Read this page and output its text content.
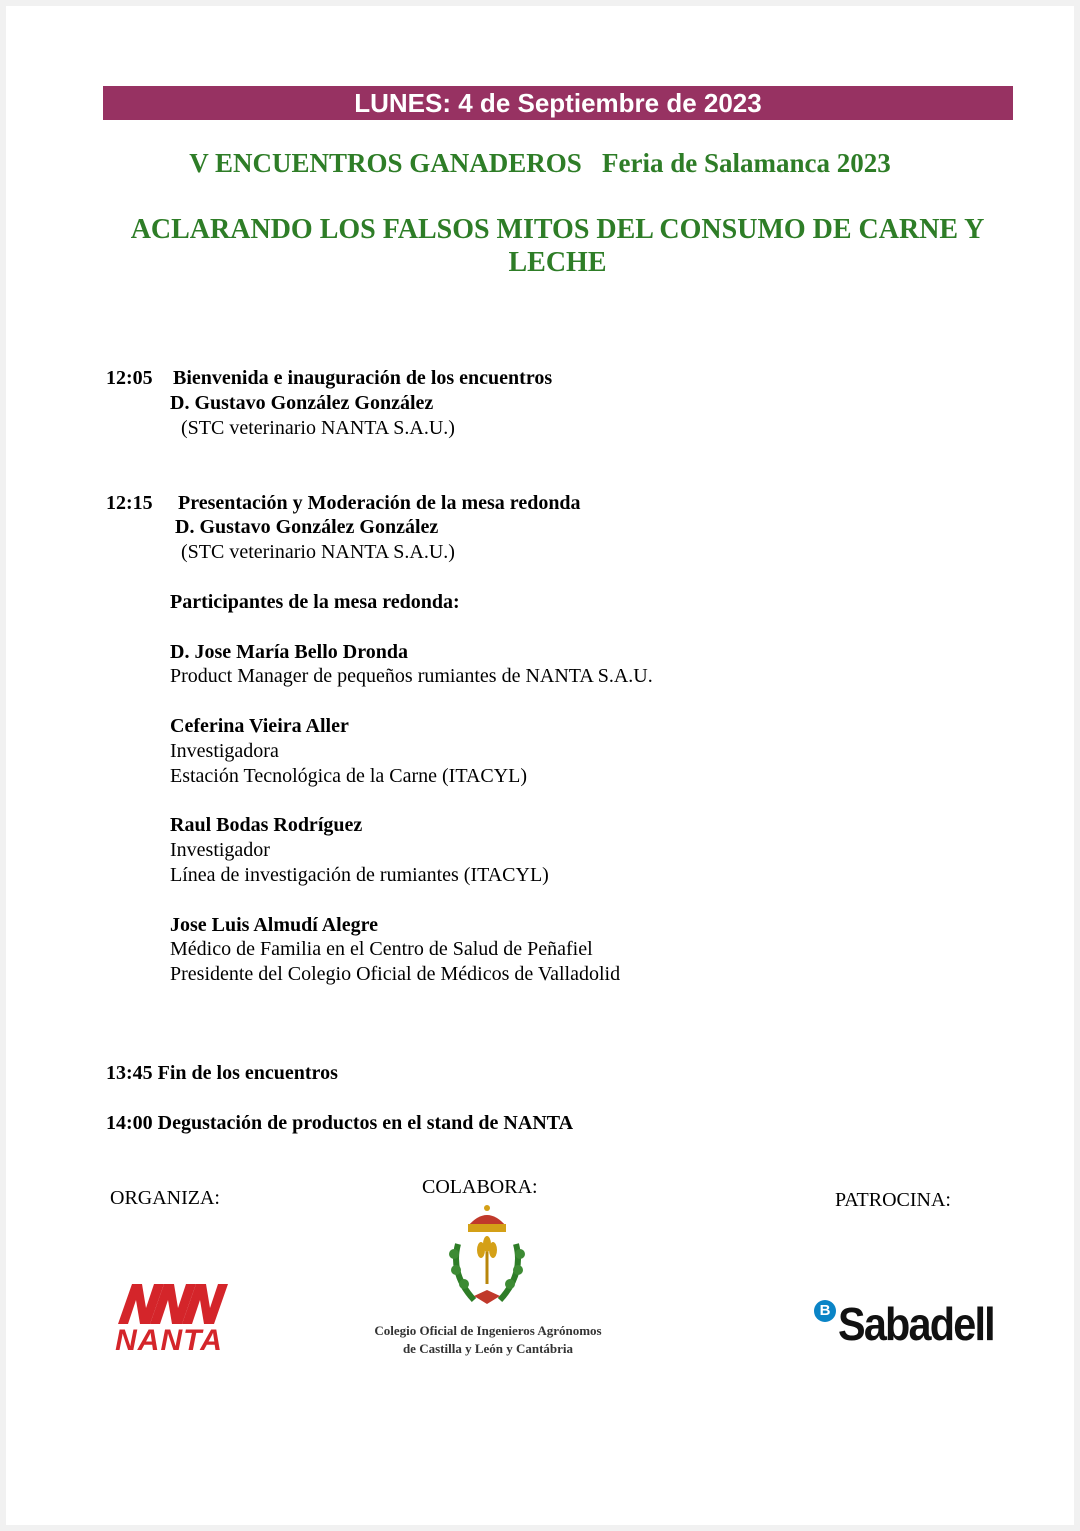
LUNES: 4 de Septiembre de 2023
V ENCUENTROS GANADEROS Feria de Salamanca 2023
ACLARANDO LOS FALSOS MITOS DEL CONSUMO DE CARNE Y LECHE
12:05 Bienvenida e inauguración de los encuentros
D. Gustavo González González
(STC veterinario NANTA S.A.U.)
12:15 Presentación y Moderación de la mesa redonda
D. Gustavo González González
(STC veterinario NANTA S.A.U.)
Participantes de la mesa redonda:
D. Jose María Bello Dronda
Product Manager de pequeños rumiantes de NANTA S.A.U.
Ceferina Vieira Aller
Investigadora
Estación Tecnológica de la Carne (ITACYL)
Raul Bodas Rodríguez
Investigador
Línea de investigación de rumiantes (ITACYL)
Jose Luis Almudí Alegre
Médico de Familia en el Centro de Salud de Peñafiel
Presidente del Colegio Oficial de Médicos de Valladolid
13:45 Fin de los encuentros
14:00 Degustación de productos en el stand de NANTA
ORGANIZA:	COLABORA:
PATROCINA:
NANTA	Colegio Oficial de Ingenieros Agrónomos
de Castilla y León y Cantábria
B Sabadell
